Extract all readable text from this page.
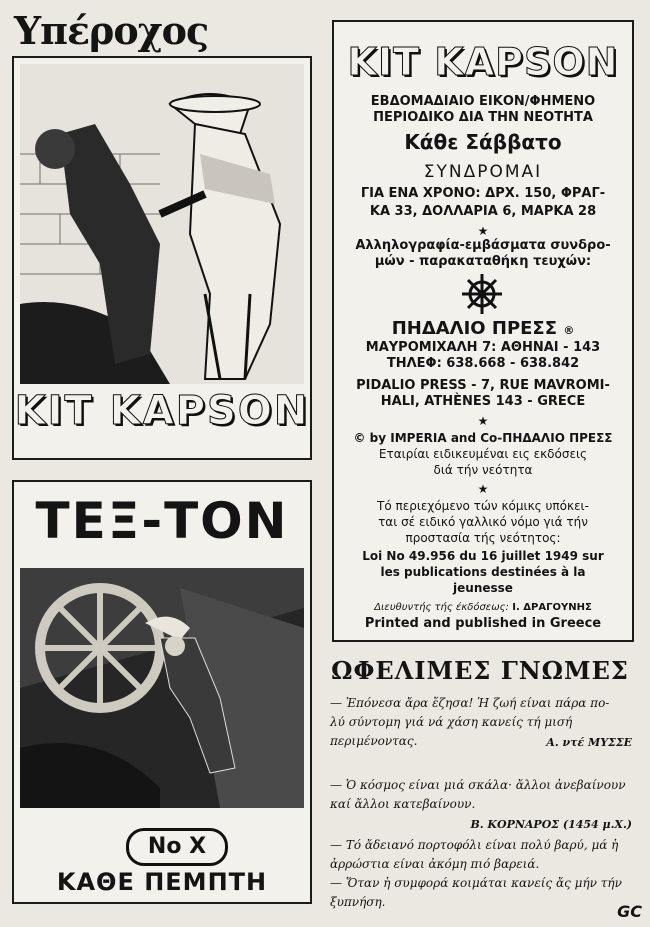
Υπέροχος
KIT KAPSON
ΤΕΞ-ΤΟΝ
No X
ΚΑΘΕ ΠΕΜΠΤΗ
KIT KAPSON
ΕΒΔΟΜΑΔΙΑΙΟ ΕΙΚΟΝ/ΦΗΜΕΝΟ
ΠΕΡΙΟΔΙΚΟ ΔΙΑ ΤΗΝ ΝΕΟΤΗΤΑ
Κάθε Σάββατο
ΣΥΝΔΡΟΜΑΙ
ΓΙΑ ΕΝΑ ΧΡΟΝΟ: ΔΡΧ. 150, ΦΡΑΓ-
ΚΑ 33, ΔΟΛΛΑΡΙΑ 6, ΜΑΡΚΑ 28
★
Αλληλογραφία-εμβάσματα συνδρο-
μών - παρακαταθήκη τευχών:
ΠΗΔΑΛΙΟ ΠΡΕΣΣ ®
ΜΑΥΡΟΜΙΧΑΛΗ 7: ΑΘΗΝΑΙ - 143
ΤΗΛΕΦ: 638.668 - 638.842
PIDALIO PRESS - 7, RUE MAVROMI-
HALI, ATHÈNES 143 - GRECE
★
© by IMPERIA and Co-ΠΗΔΑΛΙΟ ΠΡΕΣΣ
Εταιρίαι ειδικευμέναι εις εκδόσεις
διά τήν νεότητα
★
Τό περιεχόμενο τών κόμικς υπόκει-
ται σέ ειδικό γαλλικό νόμο γιά τήν
προστασία τής νεότητος:
Loi No 49.956 du 16 juillet 1949 sur
les publications destinées à la
jeunesse
Διευθυντής τής έκδόσεως: Ι. ΔΡΑΓΟΥΝΗΣ
Printed and published in Greece
ΩΦΕΛΙΜΕΣ ΓΝΩΜΕΣ
— Ἐπόνεσα ἄρα ἔζησα! Ἡ ζωή είναι πάρα πο-
λύ σύντομη γιά νά χάση κανείς τή μισή περιμένοντας.	Α. ντέ ΜΥΣΣΕ
— Ὁ κόσμος είναι μιά σκάλα· ἄλλοι ἀνεβαίνουν
καί ἄλλοι κατεβαίνουν.
Β. ΚΟΡΝΑΡΟΣ (1454 μ.Χ.)
— Τό ἄδειανό πορτοφόλι είναι πολύ βαρύ, μά ἡ
ἀρρώστια είναι ἀκόμη πιό βαρειά.
— Ὅταν ἡ συμφορά κοιμάται κανείς ἄς μήν τήν
ξυπνήση.	GC
